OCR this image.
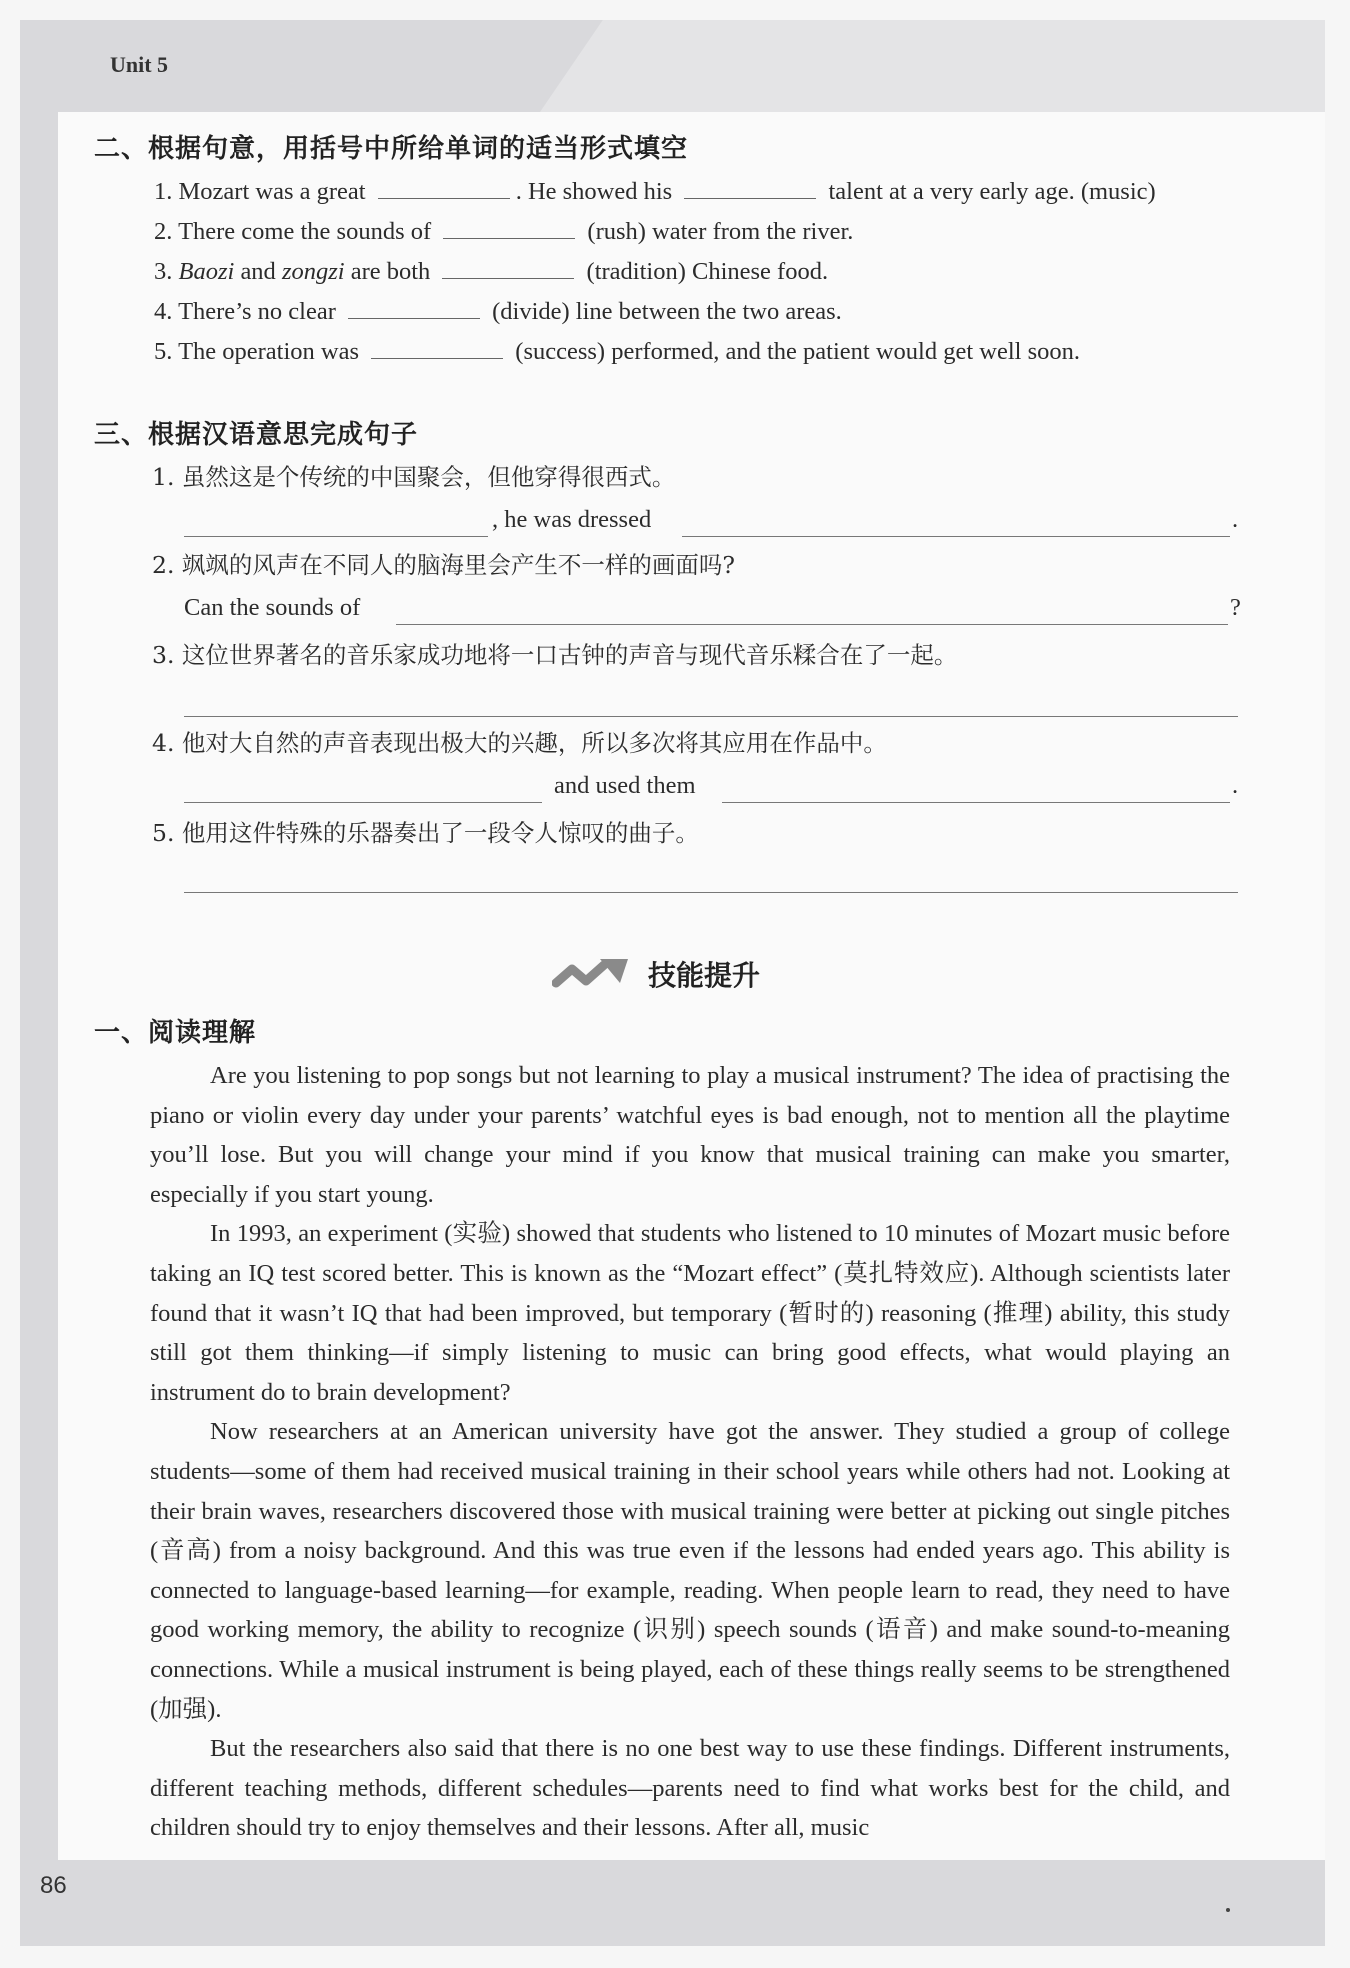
Unit 5
86
二、根据句意，用括号中所给单词的适当形式填空
1. Mozart was a great	. He showed his	talent at a very early age. (music)
2. There come the sounds of	(rush) water from the river.
3. Baozi and zongzi are both	(tradition) Chinese food.
4. There’s no clear	(divide) line between the two areas.
5. The operation was	(success) performed, and the patient would get well soon.
三、根据汉语意思完成句子
1. 虽然这是个传统的中国聚会，但他穿得很西式。
, he was dressed	.
2. 飒飒的风声在不同人的脑海里会产生不一样的画面吗?
Can the sounds of	?
3. 这位世界著名的音乐家成功地将一口古钟的声音与现代音乐糅合在了一起。
4. 他对大自然的声音表现出极大的兴趣，所以多次将其应用在作品中。
and used them	.
5. 他用这件特殊的乐器奏出了一段令人惊叹的曲子。
技能提升
一、阅读理解

Are you listening to pop songs but not learning to play a musical instrument? The idea of practising the piano or violin every day under your parents’ watchful eyes is bad enough, not to mention all the playtime you’ll lose. But you will change your mind if you know that musical training can make you smarter, especially if you start young.

In 1993, an experiment (实验) showed that students who listened to 10 minutes of Mozart music before taking an IQ test scored better. This is known as the “Mozart effect” (莫扎特效应). Although scientists later found that it wasn’t IQ that had been improved, but temporary (暂时的) reasoning (推理) ability, this study still got them thinking—if simply listening to music can bring good effects, what would playing an instrument do to brain development?

Now researchers at an American university have got the answer. They studied a group of college students—some of them had received musical training in their school years while others had not. Looking at their brain waves, researchers discovered those with musical training were better at picking out single pitches (音高) from a noisy background. And this was true even if the lessons had ended years ago. This ability is connected to language-based learning—for example, reading. When people learn to read, they need to have good working memory, the ability to recognize (识别) speech sounds (语音) and make sound-to-meaning connections. While a musical instrument is being played, each of these things really seems to be strengthened (加强).

But the researchers also said that there is no one best way to use these findings. Different instruments, different teaching methods, different schedules—parents need to find what works best for the child, and children should try to enjoy themselves and their lessons. After all, music
